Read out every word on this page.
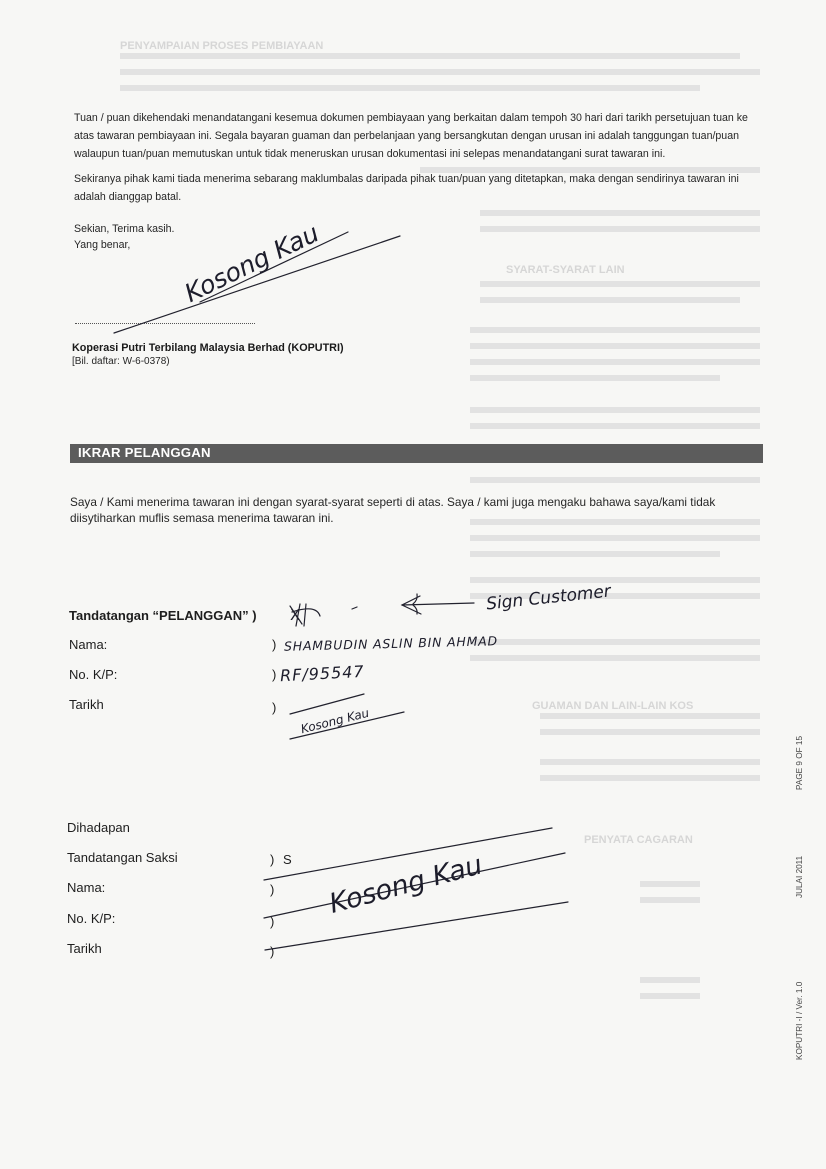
PENYAMPAIAN PROSES PEMBIAYAAN
SYARAT-SYARAT LAIN
GUAMAN DAN LAIN-LAIN KOS
PENYATA CAGARAN
Tuan / puan dikehendaki menandatangani kesemua dokumen pembiayaan yang berkaitan dalam tempoh 30 hari dari tarikh persetujuan tuan ke atas tawaran pembiayaan ini. Segala bayaran guaman dan perbelanjaan yang bersangkutan dengan urusan ini adalah tanggungan tuan/puan walaupun tuan/puan memutuskan untuk tidak meneruskan urusan dokumentasi ini selepas menandatangani surat tawaran ini.
Sekiranya pihak kami tiada menerima sebarang maklumbalas daripada pihak tuan/puan yang ditetapkan, maka dengan sendirinya tawaran ini adalah dianggap batal.
Sekian, Terima kasih.
Yang benar,
Koperasi Putri Terbilang Malaysia Berhad (KOPUTRI)
[Bil. daftar: W-6-0378)
IKRAR PELANGGAN
Saya / Kami menerima tawaran ini dengan syarat-syarat seperti di atas. Saya / kami juga mengaku bahawa saya/kami tidak diisytiharkan muflis semasa menerima tawaran ini.
Tandatangan “PELANGGAN” ) X
Sign Customer
Nama:	) SHAMBUDIN ASLIN BIN AHMAD
No. K/P:	) RF/95547
Tarikh	) Kosong Kau
Dihadapan
Tandatangan Saksi	) S
Nama:	)
No. K/P:	)
Tarikh	)
Kosong Kau
Kosong Kau
PAGE 9 OF 15
JULAI 2011
KOPUTRI -I / Ver. 1.0
